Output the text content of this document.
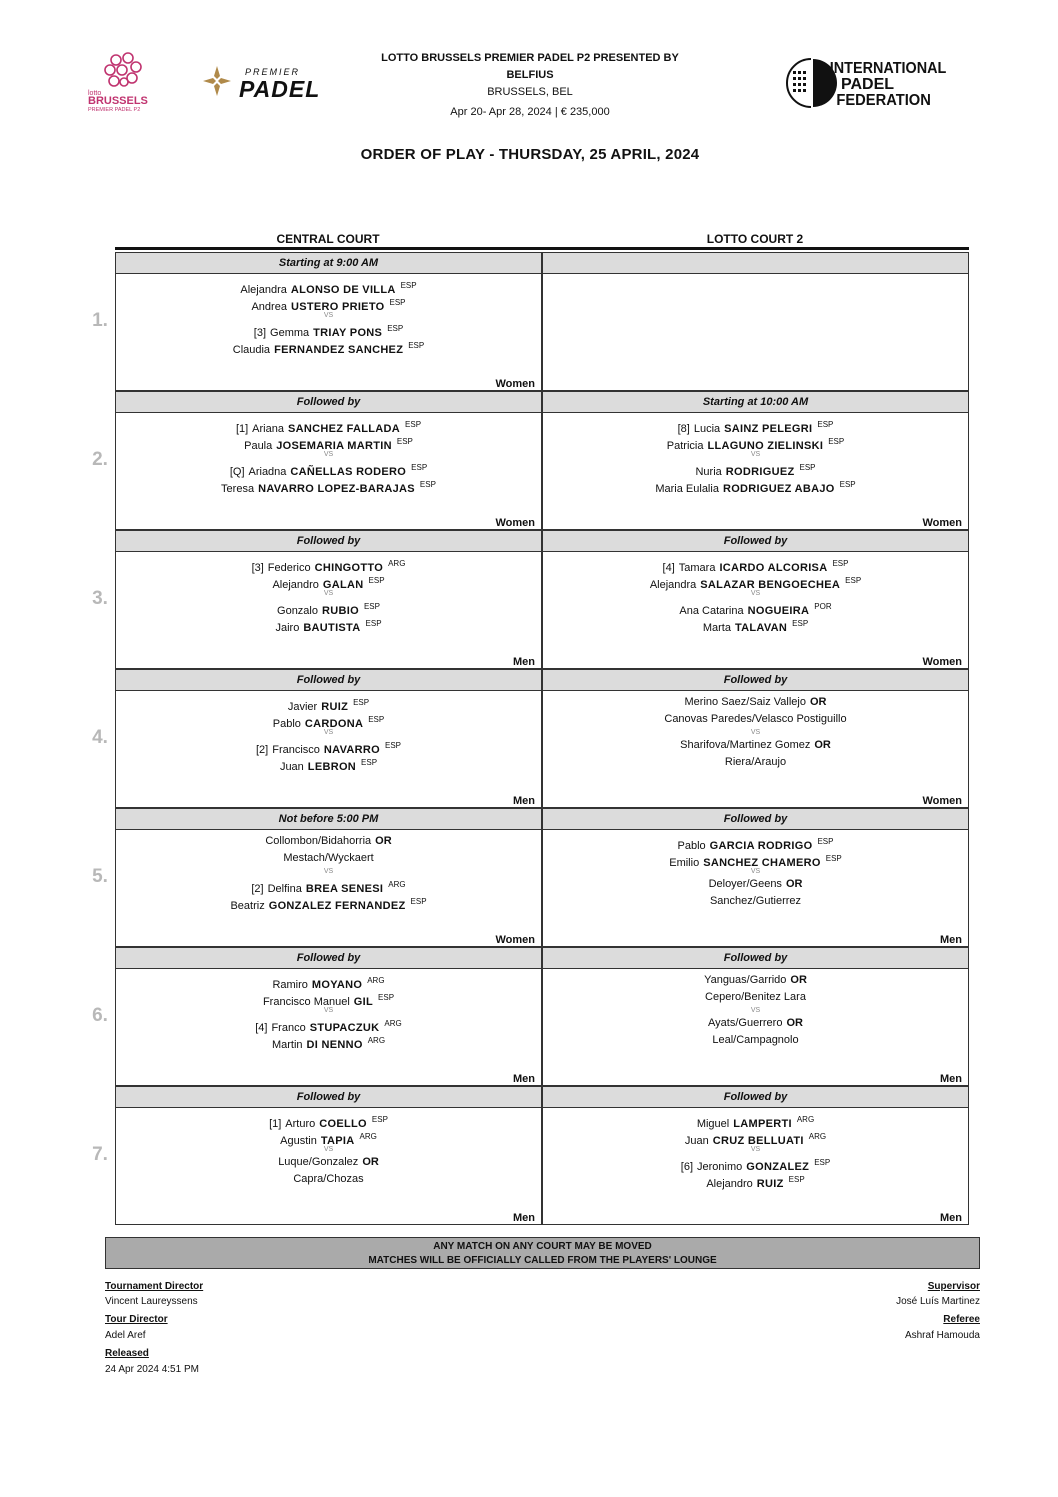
lotto
BRUSSELS
PREMIER PADEL P2
PREMIER
PADEL
INTERNATIONAL
PADEL
FEDERATION
LOTTO BRUSSELS PREMIER PADEL P2 PRESENTED BY
BELFIUS
BRUSSELS, BEL
Apr 20- Apr 28, 2024 | € 235,000
ORDER OF PLAY - THURSDAY, 25 APRIL, 2024
CENTRAL COURT	LOTTO COURT 2
1.
Starting at 9:00 AM
Alejandra ALONSO DE VILLA $^{ESP}$
Andrea USTERO PRIETO $^{ESP}$
VS
[3] Gemma TRIAY PONS $^{ESP}$
Claudia FERNANDEZ SANCHEZ $^{ESP}$
Women
2.
Followed by
[1] Ariana SANCHEZ FALLADA $^{ESP}$
Paula JOSEMARIA MARTIN $^{ESP}$
VS
[Q] Ariadna CAÑELLAS RODERO $^{ESP}$
Teresa NAVARRO LOPEZ-BARAJAS $^{ESP}$
Women
Starting at 10:00 AM
[8] Lucia SAINZ PELEGRI $^{ESP}$
Patricia LLAGUNO ZIELINSKI $^{ESP}$
VS
Nuria RODRIGUEZ $^{ESP}$
Maria Eulalia RODRIGUEZ ABAJO $^{ESP}$
Women
3.
Followed by
[3] Federico CHINGOTTO $^{ARG}$
Alejandro GALAN $^{ESP}$
VS
Gonzalo RUBIO $^{ESP}$
Jairo BAUTISTA $^{ESP}$
Men
Followed by
[4] Tamara ICARDO ALCORISA $^{ESP}$
Alejandra SALAZAR BENGOECHEA $^{ESP}$
VS
Ana Catarina NOGUEIRA $^{POR}$
Marta TALAVAN $^{ESP}$
Women
4.
Followed by
Javier RUIZ $^{ESP}$
Pablo CARDONA $^{ESP}$
VS
[2] Francisco NAVARRO $^{ESP}$
Juan LEBRON $^{ESP}$
Men
Followed by
Merino Saez/Saiz Vallejo OR
Canovas Paredes/Velasco Postiguillo
VS
Sharifova/Martinez Gomez OR
Riera/Araujo
Women
5.
Not before 5:00 PM
Collombon/Bidahorria OR
Mestach/Wyckaert
VS
[2] Delfina BREA SENESI $^{ARG}$
Beatriz GONZALEZ FERNANDEZ $^{ESP}$
Women
Followed by
Pablo GARCIA RODRIGO $^{ESP}$
Emilio SANCHEZ CHAMERO $^{ESP}$
VS
Deloyer/Geens OR
Sanchez/Gutierrez
Men
6.
Followed by
Ramiro MOYANO $^{ARG}$
Francisco Manuel GIL $^{ESP}$
VS
[4] Franco STUPACZUK $^{ARG}$
Martin DI NENNO $^{ARG}$
Men
Followed by
Yanguas/Garrido OR
Cepero/Benitez Lara
VS
Ayats/Guerrero OR
Leal/Campagnolo
Men
7.
Followed by
[1] Arturo COELLO $^{ESP}$
Agustin TAPIA $^{ARG}$
VS
Luque/Gonzalez OR
Capra/Chozas
Men
Followed by
Miguel LAMPERTI $^{ARG}$
Juan CRUZ BELLUATI $^{ARG}$
VS
[6] Jeronimo GONZALEZ $^{ESP}$
Alejandro RUIZ $^{ESP}$
Men
ANY MATCH ON ANY COURT MAY BE MOVED
MATCHES WILL BE OFFICIALLY CALLED FROM THE PLAYERS' LOUNGE
Tournament Director
Vincent Laureyssens
Tour Director
Adel Aref
Released
24 Apr 2024 4:51 PM
Supervisor
José Luís Martinez
Referee
Ashraf Hamouda
